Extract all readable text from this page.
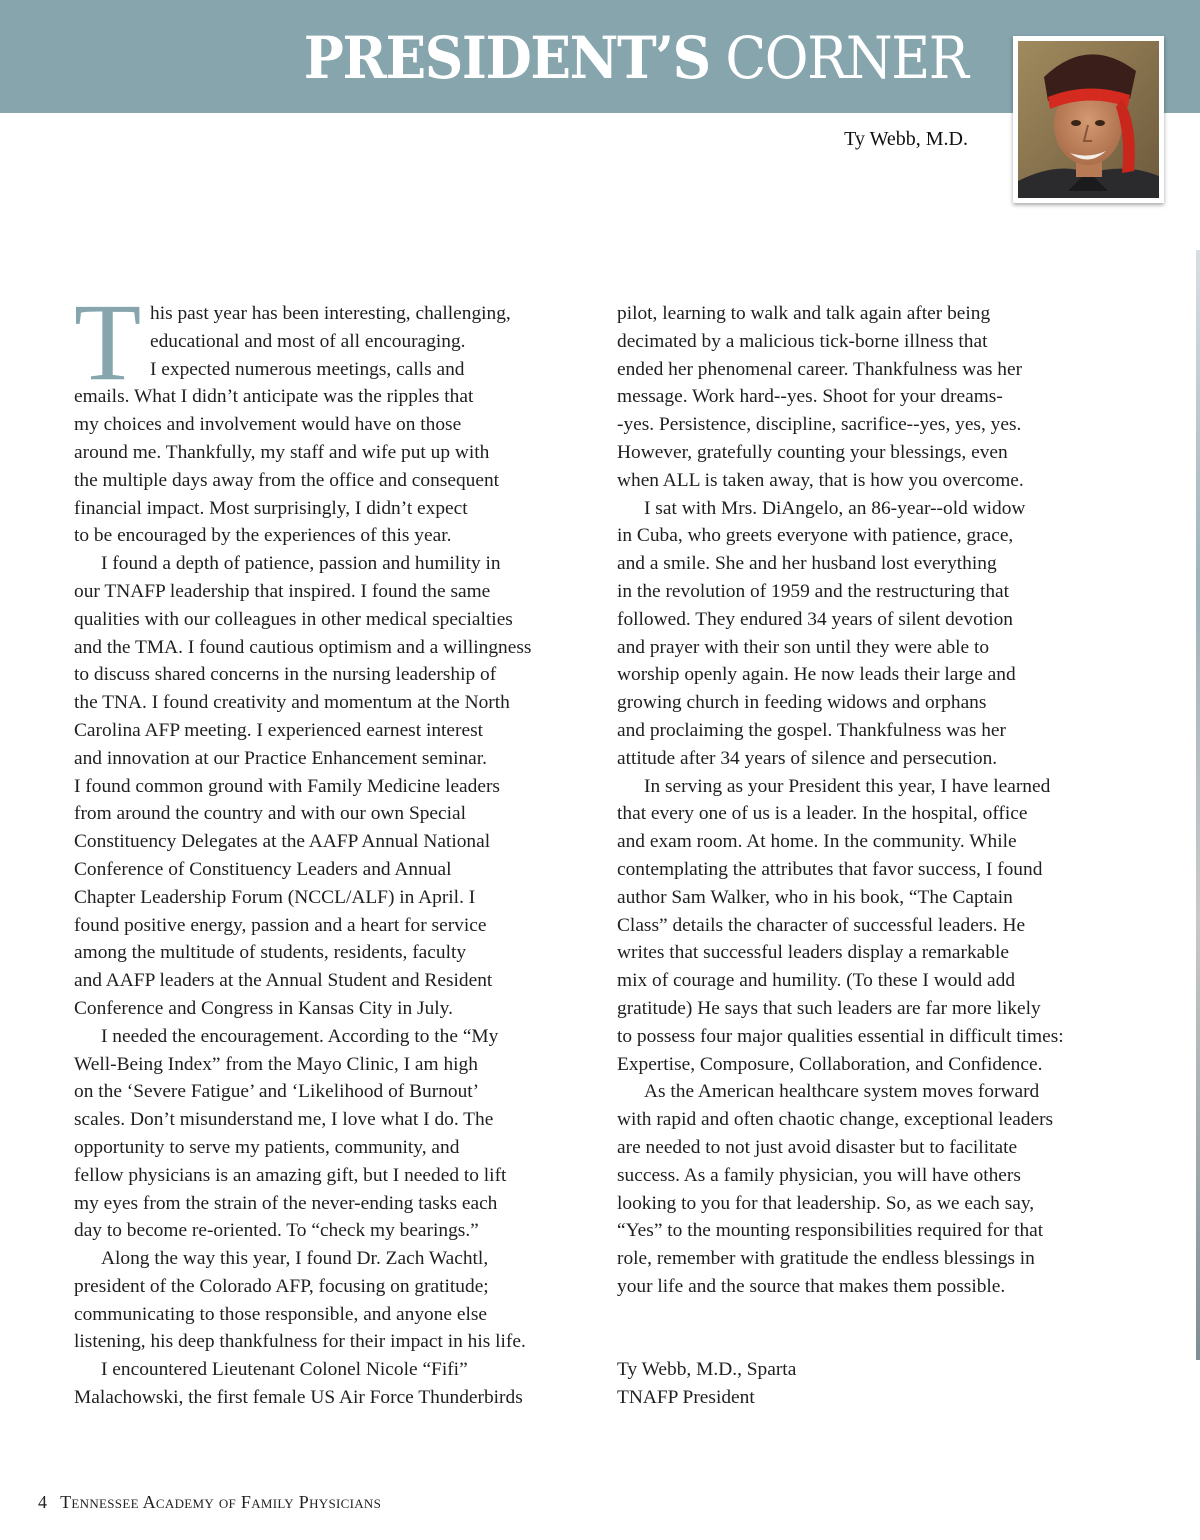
PRESIDENT’S CORNER
Ty Webb, M.D.
T his past year has been interesting, challenging,
educational and most of all encouraging.
I expected numerous meetings, calls and
emails. What I didn’t anticipate was the ripples that
my choices and involvement would have on those
around me. Thankfully, my staff and wife put up with
the multiple days away from the office and consequent
financial impact. Most surprisingly, I didn’t expect
to be encouraged by the experiences of this year.
I found a depth of patience, passion and humility in
our TNAFP leadership that inspired. I found the same
qualities with our colleagues in other medical specialties
and the TMA. I found cautious optimism and a willingness
to discuss shared concerns in the nursing leadership of
the TNA. I found creativity and momentum at the North
Carolina AFP meeting. I experienced earnest interest
and innovation at our Practice Enhancement seminar.
I found common ground with Family Medicine leaders
from around the country and with our own Special
Constituency Delegates at the AAFP Annual National
Conference of Constituency Leaders and Annual
Chapter Leadership Forum (NCCL/ALF) in April. I
found positive energy, passion and a heart for service
among the multitude of students, residents, faculty
and AAFP leaders at the Annual Student and Resident
Conference and Congress in Kansas City in July.
I needed the encouragement. According to the “My
Well-Being Index” from the Mayo Clinic, I am high
on the ‘Severe Fatigue’ and ‘Likelihood of Burnout’
scales. Don’t misunderstand me, I love what I do. The
opportunity to serve my patients, community, and
fellow physicians is an amazing gift, but I needed to lift
my eyes from the strain of the never-ending tasks each
day to become re-oriented. To “check my bearings.”
Along the way this year, I found Dr. Zach Wachtl,
president of the Colorado AFP, focusing on gratitude;
communicating to those responsible, and anyone else
listening, his deep thankfulness for their impact in his life.
I encountered Lieutenant Colonel Nicole “Fifi”
Malachowski, the first female US Air Force Thunderbirds
pilot, learning to walk and talk again after being
decimated by a malicious tick-borne illness that
ended her phenomenal career. Thankfulness was her
message. Work hard--yes. Shoot for your dreams-
-yes. Persistence, discipline, sacrifice--yes, yes, yes.
However, gratefully counting your blessings, even
when ALL is taken away, that is how you overcome.
I sat with Mrs. DiAngelo, an 86-year--old widow
in Cuba, who greets everyone with patience, grace,
and a smile. She and her husband lost everything
in the revolution of 1959 and the restructuring that
followed. They endured 34 years of silent devotion
and prayer with their son until they were able to
worship openly again. He now leads their large and
growing church in feeding widows and orphans
and proclaiming the gospel. Thankfulness was her
attitude after 34 years of silence and persecution.
In serving as your President this year, I have learned
that every one of us is a leader. In the hospital, office
and exam room. At home. In the community. While
contemplating the attributes that favor success, I found
author Sam Walker, who in his book, “The Captain
Class” details the character of successful leaders. He
writes that successful leaders display a remarkable
mix of courage and humility. (To these I would add
gratitude) He says that such leaders are far more likely
to possess four major qualities essential in difficult times:
Expertise, Composure, Collaboration, and Confidence.
As the American healthcare system moves forward
with rapid and often chaotic change, exceptional leaders
are needed to not just avoid disaster but to facilitate
success. As a family physician, you will have others
looking to you for that leadership. So, as we each say,
“Yes” to the mounting responsibilities required for that
role, remember with gratitude the endless blessings in
your life and the source that makes them possible.
Ty Webb, M.D., Sparta
TNAFP President
4 Tennessee Academy of Family Physicians
